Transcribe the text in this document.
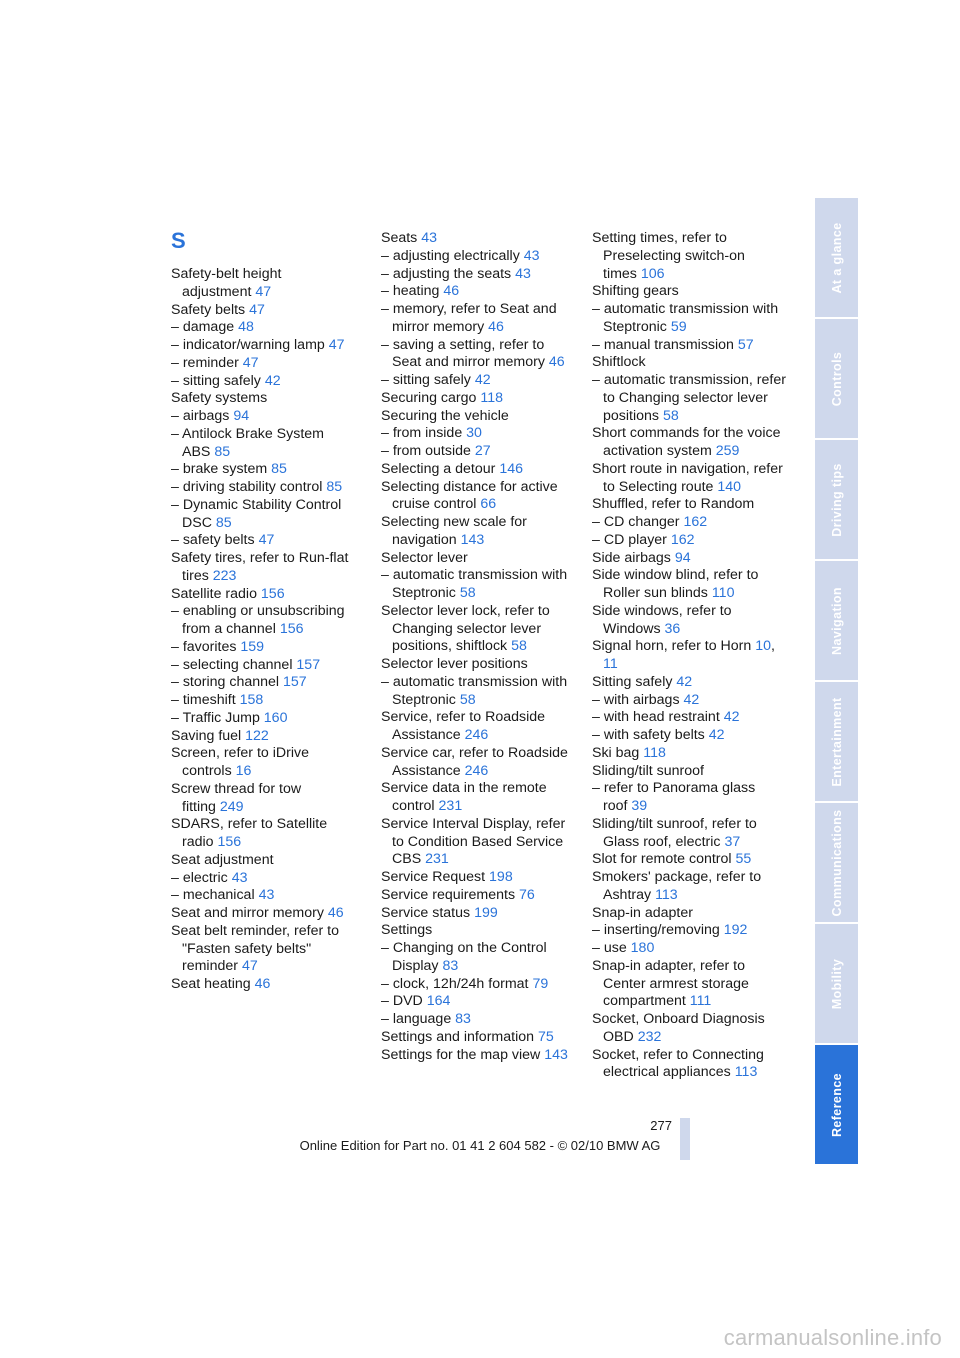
S
Safety-belt height adjustment 47
Safety belts 47
– damage 48
– indicator/warning lamp 47
– reminder 47
– sitting safely 42
Safety systems
– airbags 94
– Antilock Brake System ABS 85
– brake system 85
– driving stability control 85
– Dynamic Stability Control DSC 85
– safety belts 47
Safety tires, refer to Run-flat tires 223
Satellite radio 156
– enabling or unsubscribing from a channel 156
– favorites 159
– selecting channel 157
– storing channel 157
– timeshift 158
– Traffic Jump 160
Saving fuel 122
Screen, refer to iDrive controls 16
Screw thread for tow fitting 249
SDARS, refer to Satellite radio 156
Seat adjustment
– electric 43
– mechanical 43
Seat and mirror memory 46
Seat belt reminder, refer to "Fasten safety belts" reminder 47
Seat heating 46
Seats 43
– adjusting electrically 43
– adjusting the seats 43
– heating 46
– memory, refer to Seat and mirror memory 46
– saving a setting, refer to Seat and mirror memory 46
– sitting safely 42
Securing cargo 118
Securing the vehicle
– from inside 30
– from outside 27
Selecting a detour 146
Selecting distance for active cruise control 66
Selecting new scale for navigation 143
Selector lever
– automatic transmission with Steptronic 58
Selector lever lock, refer to Changing selector lever positions, shiftlock 58
Selector lever positions
– automatic transmission with Steptronic 58
Service, refer to Roadside Assistance 246
Service car, refer to Roadside Assistance 246
Service data in the remote control 231
Service Interval Display, refer to Condition Based Service CBS 231
Service Request 198
Service requirements 76
Service status 199
Settings
– Changing on the Control Display 83
– clock, 12h/24h format 79
– DVD 164
– language 83
Settings and information 75
Settings for the map view 143
Setting times, refer to Preselecting switch-on times 106
Shifting gears
– automatic transmission with Steptronic 59
– manual transmission 57
Shiftlock
– automatic transmission, refer to Changing selector lever positions 58
Short commands for the voice activation system 259
Short route in navigation, refer to Selecting route 140
Shuffled, refer to Random
– CD changer 162
– CD player 162
Side airbags 94
Side window blind, refer to Roller sun blinds 110
Side windows, refer to Windows 36
Signal horn, refer to Horn 10, 11
Sitting safely 42
– with airbags 42
– with head restraint 42
– with safety belts 42
Ski bag 118
Sliding/tilt sunroof
– refer to Panorama glass roof 39
Sliding/tilt sunroof, refer to Glass roof, electric 37
Slot for remote control 55
Smokers' package, refer to Ashtray 113
Snap-in adapter
– inserting/removing 192
– use 180
Snap-in adapter, refer to Center armrest storage compartment 111
Socket, Onboard Diagnosis OBD 232
Socket, refer to Connecting electrical appliances 113
At a glance
Controls
Driving tips
Navigation
Entertainment
Communications
Mobility
Reference
277
Online Edition for Part no. 01 41 2 604 582 - © 02/10 BMW AG
carmanualsonline.info
